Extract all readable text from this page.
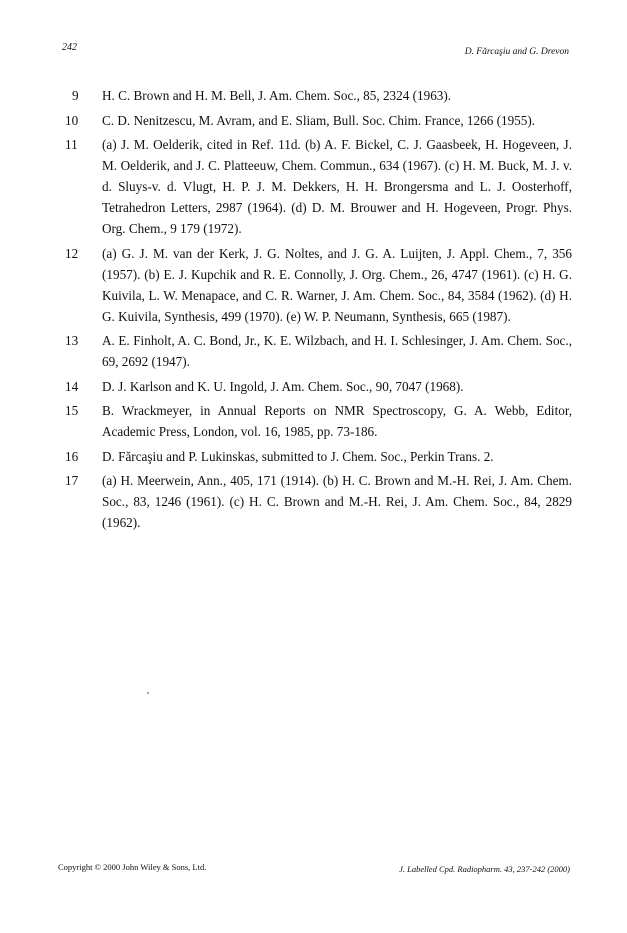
242	D. Fărcaşiu and G. Drevon
9	H. C. Brown and H. M. Bell, J. Am. Chem. Soc., 85, 2324 (1963).
10	C. D. Nenitzescu, M. Avram, and E. Sliam, Bull. Soc. Chim. France, 1266 (1955).
11	(a) J. M. Oelderik, cited in Ref. 11d. (b) A. F. Bickel, C. J. Gaasbeek, H. Hogeveen, J. M. Oelderik, and J. C. Platteeuw, Chem. Commun., 634 (1967). (c) H. M. Buck, M. J. v. d. Sluys-v. d. Vlugt, H. P. J. M. Dekkers, H. H. Brongersma and L. J. Oosterhoff, Tetrahedron Letters, 2987 (1964). (d) D. M. Brouwer and H. Hogeveen, Progr. Phys. Org. Chem., 9 179 (1972).
12	(a) G. J. M. van der Kerk, J. G. Noltes, and J. G. A. Luijten, J. Appl. Chem., 7, 356 (1957). (b) E. J. Kupchik and R. E. Connolly, J. Org. Chem., 26, 4747 (1961). (c) H. G. Kuivila, L. W. Menapace, and C. R. Warner, J. Am. Chem. Soc., 84, 3584 (1962). (d) H. G. Kuivila, Synthesis, 499 (1970). (e) W. P. Neumann, Synthesis, 665 (1987).
13	A. E. Finholt, A. C. Bond, Jr., K. E. Wilzbach, and H. I. Schlesinger, J. Am. Chem. Soc., 69, 2692 (1947).
14	D. J. Karlson and K. U. Ingold, J. Am. Chem. Soc., 90, 7047 (1968).
15	B. Wrackmeyer, in Annual Reports on NMR Spectroscopy, G. A. Webb, Editor, Academic Press, London, vol. 16, 1985, pp. 73-186.
16	D. Fărcaşiu and P. Lukinskas, submitted to J. Chem. Soc., Perkin Trans. 2.
17	(a) H. Meerwein, Ann., 405, 171 (1914). (b) H. C. Brown and M.-H. Rei, J. Am. Chem. Soc., 83, 1246 (1961). (c) H. C. Brown and M.-H. Rei, J. Am. Chem. Soc., 84, 2829 (1962).
Copyright © 2000 John Wiley & Sons, Ltd.	J. Labelled Cpd. Radiopharm. 43, 237-242 (2000)
